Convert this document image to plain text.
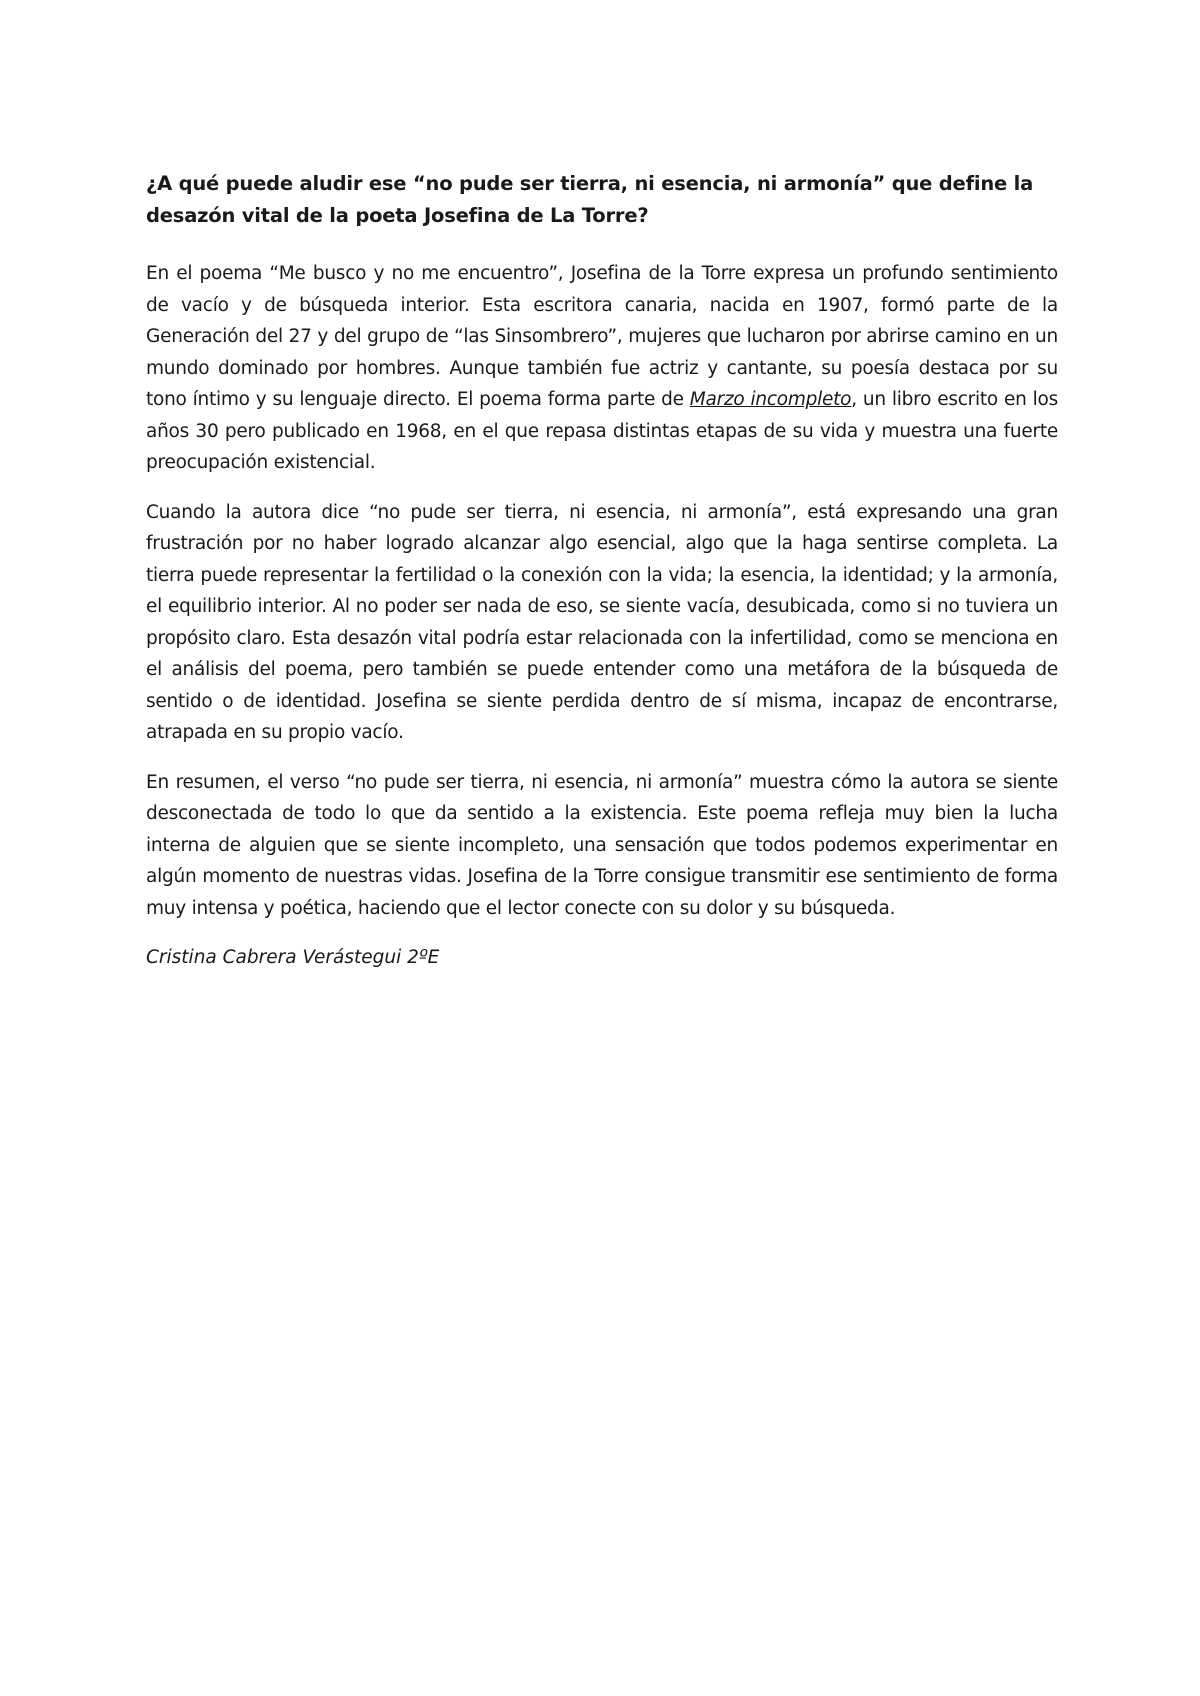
¿A qué puede aludir ese “no pude ser tierra, ni esencia, ni armonía” que define la desazón vital de la poeta Josefina de La Torre?

En el poema “Me busco y no me encuentro”, Josefina de la Torre expresa un profundo sentimiento de vacío y de búsqueda interior. Esta escritora canaria, nacida en 1907, formó parte de la Generación del 27 y del grupo de “las Sinsombrero”, mujeres que lucharon por abrirse camino en un mundo dominado por hombres. Aunque también fue actriz y cantante, su poesía destaca por su tono íntimo y su lenguaje directo. El poema forma parte de Marzo incompleto, un libro escrito en los años 30 pero publicado en 1968, en el que repasa distintas etapas de su vida y muestra una fuerte preocupación existencial.

Cuando la autora dice “no pude ser tierra, ni esencia, ni armonía”, está expresando una gran frustración por no haber logrado alcanzar algo esencial, algo que la haga sentirse completa. La tierra puede representar la fertilidad o la conexión con la vida; la esencia, la identidad; y la armonía, el equilibrio interior. Al no poder ser nada de eso, se siente vacía, desubicada, como si no tuviera un propósito claro. Esta desazón vital podría estar relacionada con la infertilidad, como se menciona en el análisis del poema, pero también se puede entender como una metáfora de la búsqueda de sentido o de identidad. Josefina se siente perdida dentro de sí misma, incapaz de encontrarse, atrapada en su propio vacío.

En resumen, el verso “no pude ser tierra, ni esencia, ni armonía” muestra cómo la autora se siente desconectada de todo lo que da sentido a la existencia. Este poema refleja muy bien la lucha interna de alguien que se siente incompleto, una sensación que todos podemos experimentar en algún momento de nuestras vidas. Josefina de la Torre consigue transmitir ese sentimiento de forma muy intensa y poética, haciendo que el lector conecte con su dolor y su búsqueda.

Cristina Cabrera Verástegui 2ºE
